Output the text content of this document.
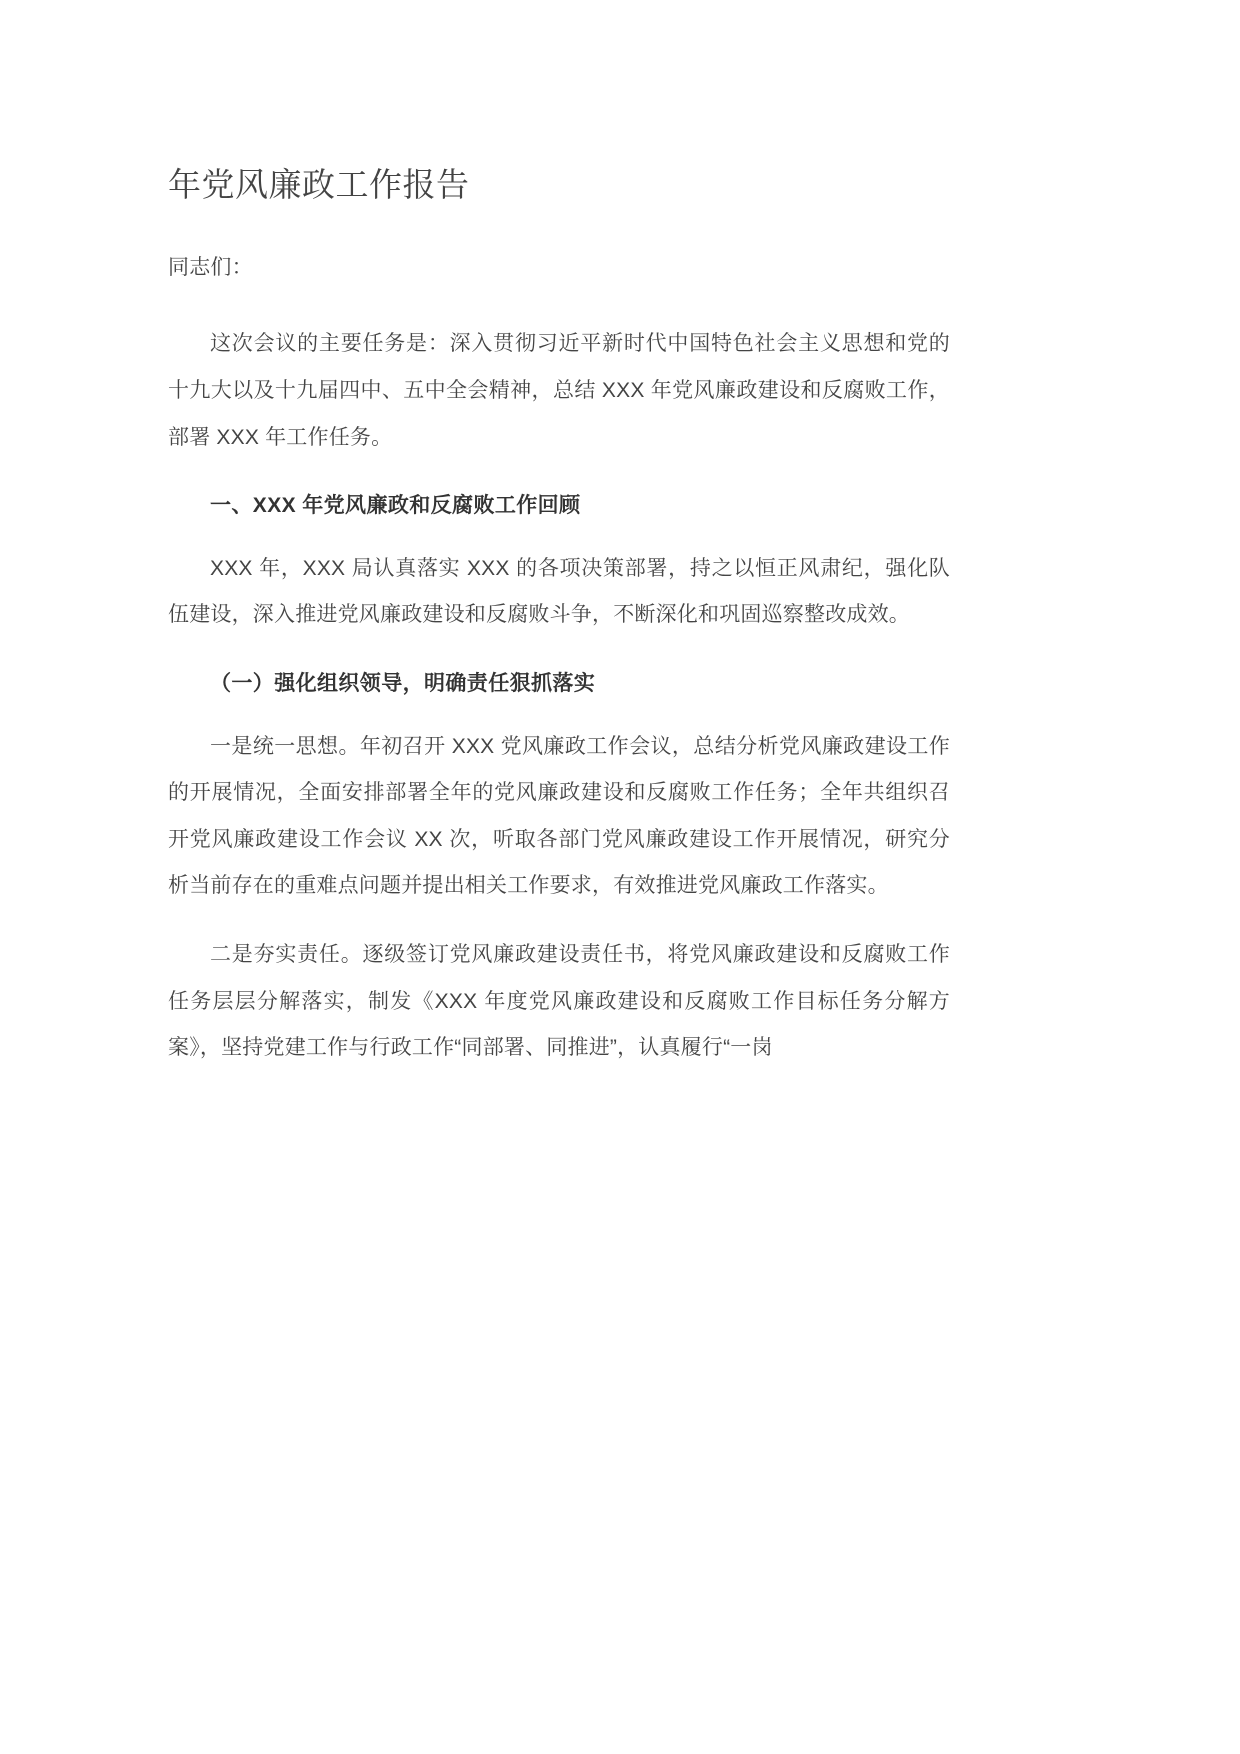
年党风廉政工作报告
同志们：

这次会议的主要任务是：深入贯彻习近平新时代中国特色社会主义思想和党的十九大以及十九届四中、五中全会精神，总结 XXX 年党风廉政建设和反腐败工作，部署 XXX 年工作任务。

一、XXX 年党风廉政和反腐败工作回顾

XXX 年，XXX 局认真落实 XXX 的各项决策部署，持之以恒正风肃纪，强化队伍建设，深入推进党风廉政建设和反腐败斗争，不断深化和巩固巡察整改成效。

（一）强化组织领导，明确责任狠抓落实

一是统一思想。年初召开 XXX 党风廉政工作会议，总结分析党风廉政建设工作的开展情况，全面安排部署全年的党风廉政建设和反腐败工作任务；全年共组织召开党风廉政建设工作会议 XX 次，听取各部门党风廉政建设工作开展情况，研究分析当前存在的重难点问题并提出相关工作要求，有效推进党风廉政工作落实。

二是夯实责任。逐级签订党风廉政建设责任书，将党风廉政建设和反腐败工作任务层层分解落实，制发《XXX 年度党风廉政建设和反腐败工作目标任务分解方案》，坚持党建工作与行政工作“同部署、同推进”，认真履行“一岗
